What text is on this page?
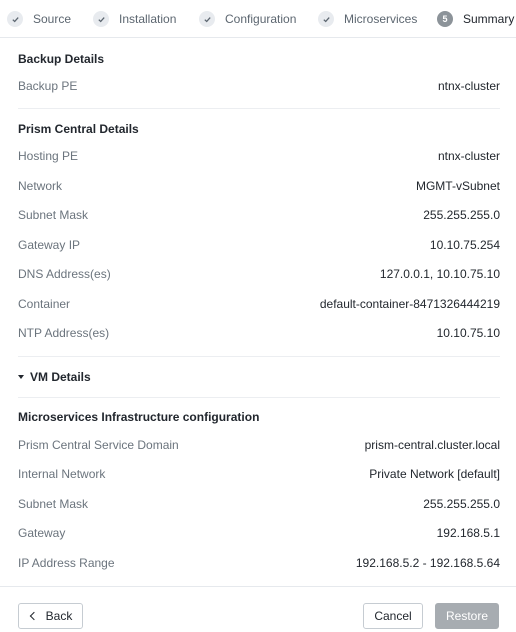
Source	Installation	Configuration	Microservices	5	Summary
Backup Details
Backup PE	ntnx-cluster
Prism Central Details
Hosting PE	ntnx-cluster
Network	MGMT-vSubnet
Subnet Mask	255.255.255.0
Gateway IP	10.10.75.254
DNS Address(es)	127.0.0.1, 10.10.75.10
Container	default-container-8471326444219
NTP Address(es)	10.10.75.10
VM Details
Microservices Infrastructure configuration
Prism Central Service Domain	prism-central.cluster.local
Internal Network	Private Network [default]
Subnet Mask	255.255.255.0
Gateway	192.168.5.1
IP Address Range	192.168.5.2 - 192.168.5.64
Back	Cancel	Restore
